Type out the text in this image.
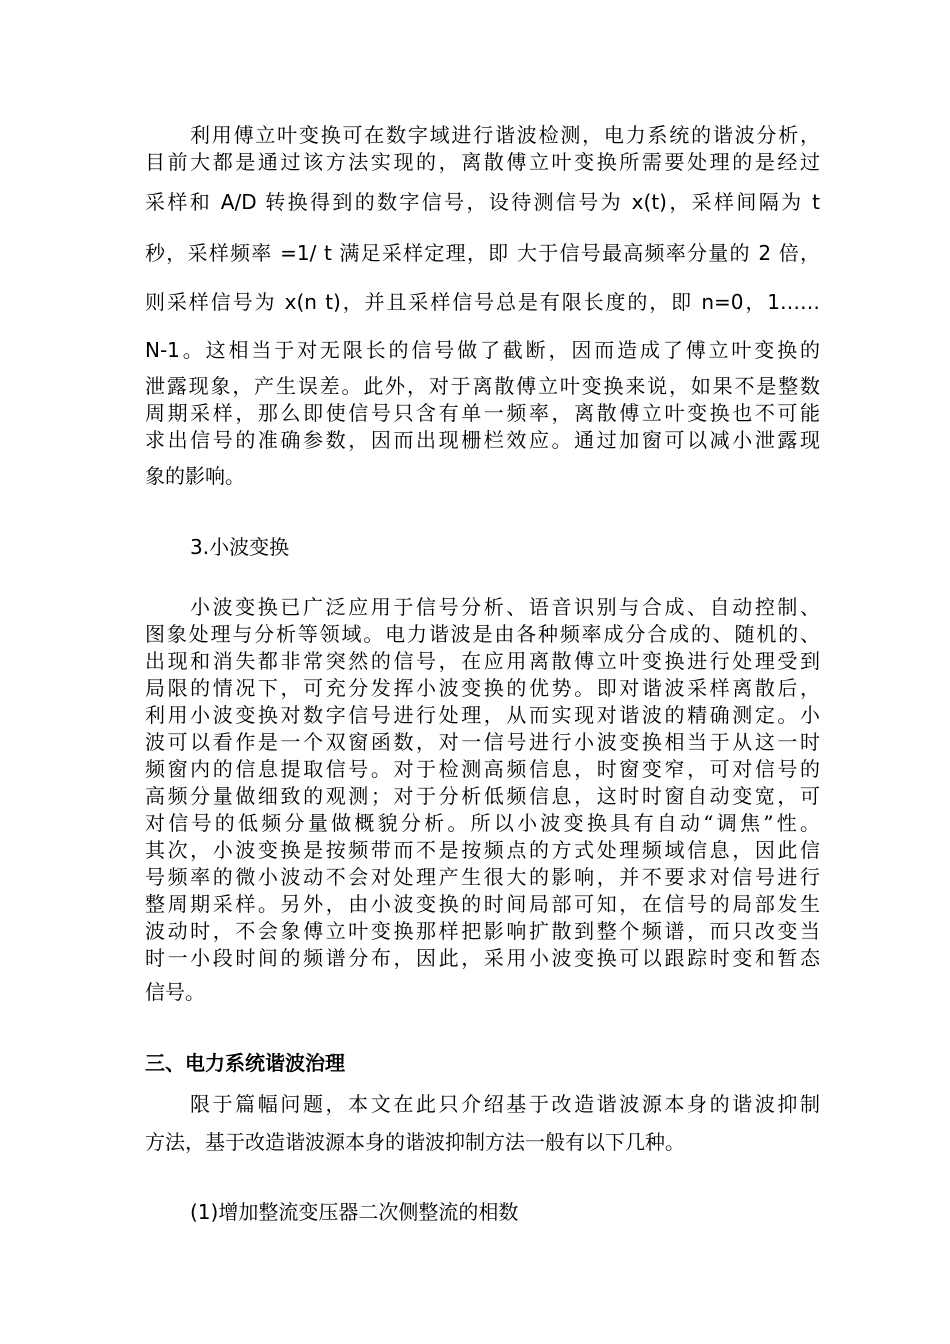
利用傅立叶变换可在数字域进行谐波检测，电力系统的谐波分析，
目前大都是通过该方法实现的，离散傅立叶变换所需要处理的是经过
采样和 A/D 转换得到的数字信号，设待测信号为 x(t)，采样间隔为 t
秒，采样频率 =1/ t 满足采样定理，即 大于信号最高频率分量的 2 倍，
则采样信号为 x(n t)，并且采样信号总是有限长度的，即 n=0，1……
N-1。这相当于对无限长的信号做了截断，因而造成了傅立叶变换的
泄露现象，产生误差。此外，对于离散傅立叶变换来说，如果不是整数
周期采样，那么即使信号只含有单一频率，离散傅立叶变换也不可能
求出信号的准确参数，因而出现栅栏效应。通过加窗可以减小泄露现
象的影响。
3.小波变换
小波变换已广泛应用于信号分析、语音识别与合成、自动控制、
图象处理与分析等领域。电力谐波是由各种频率成分合成的、随机的、
出现和消失都非常突然的信号，在应用离散傅立叶变换进行处理受到
局限的情况下，可充分发挥小波变换的优势。即对谐波采样离散后，
利用小波变换对数字信号进行处理，从而实现对谐波的精确测定。小
波可以看作是一个双窗函数，对一信号进行小波变换相当于从这一时
频窗内的信息提取信号。对于检测高频信息，时窗变窄，可对信号的
高频分量做细致的观测；对于分析低频信息，这时时窗自动变宽，可
对信号的低频分量做概貌分析。所以小波变换具有自动“调焦”性。
其次，小波变换是按频带而不是按频点的方式处理频域信息，因此信
号频率的微小波动不会对处理产生很大的影响，并不要求对信号进行
整周期采样。另外，由小波变换的时间局部可知，在信号的局部发生
波动时，不会象傅立叶变换那样把影响扩散到整个频谱，而只改变当
时一小段时间的频谱分布，因此，采用小波变换可以跟踪时变和暂态
信号。
三、电力系统谐波治理
限于篇幅问题，本文在此只介绍基于改造谐波源本身的谐波抑制
方法，基于改造谐波源本身的谐波抑制方法一般有以下几种。
(1)增加整流变压器二次侧整流的相数
